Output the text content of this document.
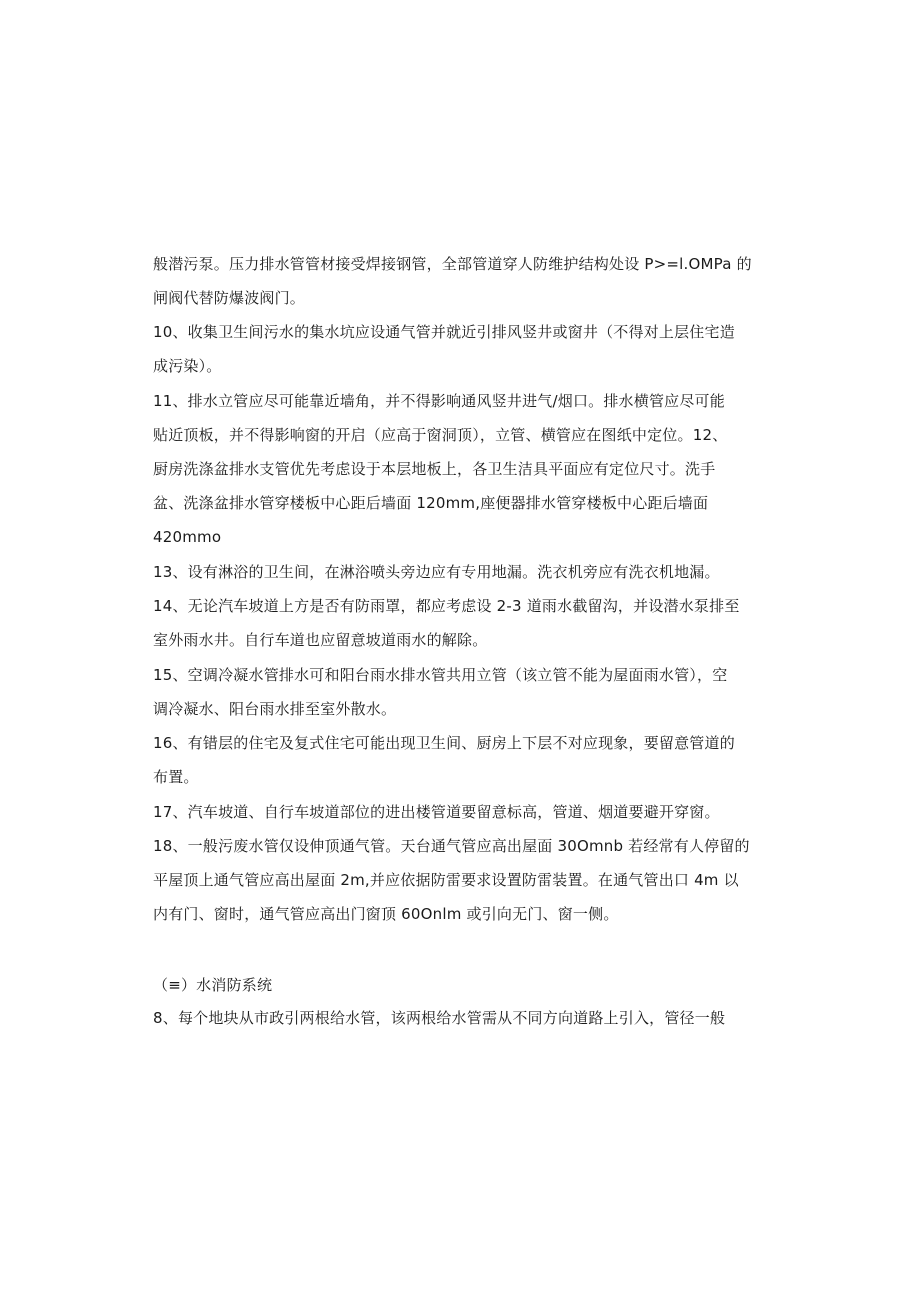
般潜污泵。压力排水管管材接受焊接钢管，全部管道穿人防维护结构处设 P>=l.OMPa 的
闸阀代替防爆波阀门。
10、收集卫生间污水的集水坑应设通气管并就近引排风竖井或窗井（不得对上层住宅造
成污染）。
11、排水立管应尽可能靠近墙角，并不得影响通风竖井进气/烟口。排水横管应尽可能
贴近顶板，并不得影响窗的开启（应高于窗洞顶），立管、横管应在图纸中定位。12、
厨房洗涤盆排水支管优先考虑设于本层地板上，各卫生洁具平面应有定位尺寸。洗手
盆、洗涤盆排水管穿楼板中心距后墙面 120mm,座便器排水管穿楼板中心距后墙面
420mmo
13、设有淋浴的卫生间，在淋浴喷头旁边应有专用地漏。洗衣机旁应有洗衣机地漏。
14、无论汽车坡道上方是否有防雨罩，都应考虑设 2-3 道雨水截留沟，并设潜水泵排至
室外雨水井。自行车道也应留意坡道雨水的解除。
15、空调冷凝水管排水可和阳台雨水排水管共用立管（该立管不能为屋面雨水管），空
调冷凝水、阳台雨水排至室外散水。
16、有错层的住宅及复式住宅可能出现卫生间、厨房上下层不对应现象，要留意管道的
布置。
17、汽车坡道、自行车坡道部位的进出楼管道要留意标高，管道、烟道要避开穿窗。
18、一般污废水管仅设伸顶通气管。天台通气管应高出屋面 30Omnb 若经常有人停留的
平屋顶上通气管应高出屋面 2m,并应依据防雷要求设置防雷装置。在通气管出口 4m 以
内有门、窗时，通气管应高出门窗顶 60Onlm 或引向无门、窗一侧。
（≡）水消防系统
8、每个地块从市政引两根给水管，该两根给水管需从不同方向道路上引入，管径一般
